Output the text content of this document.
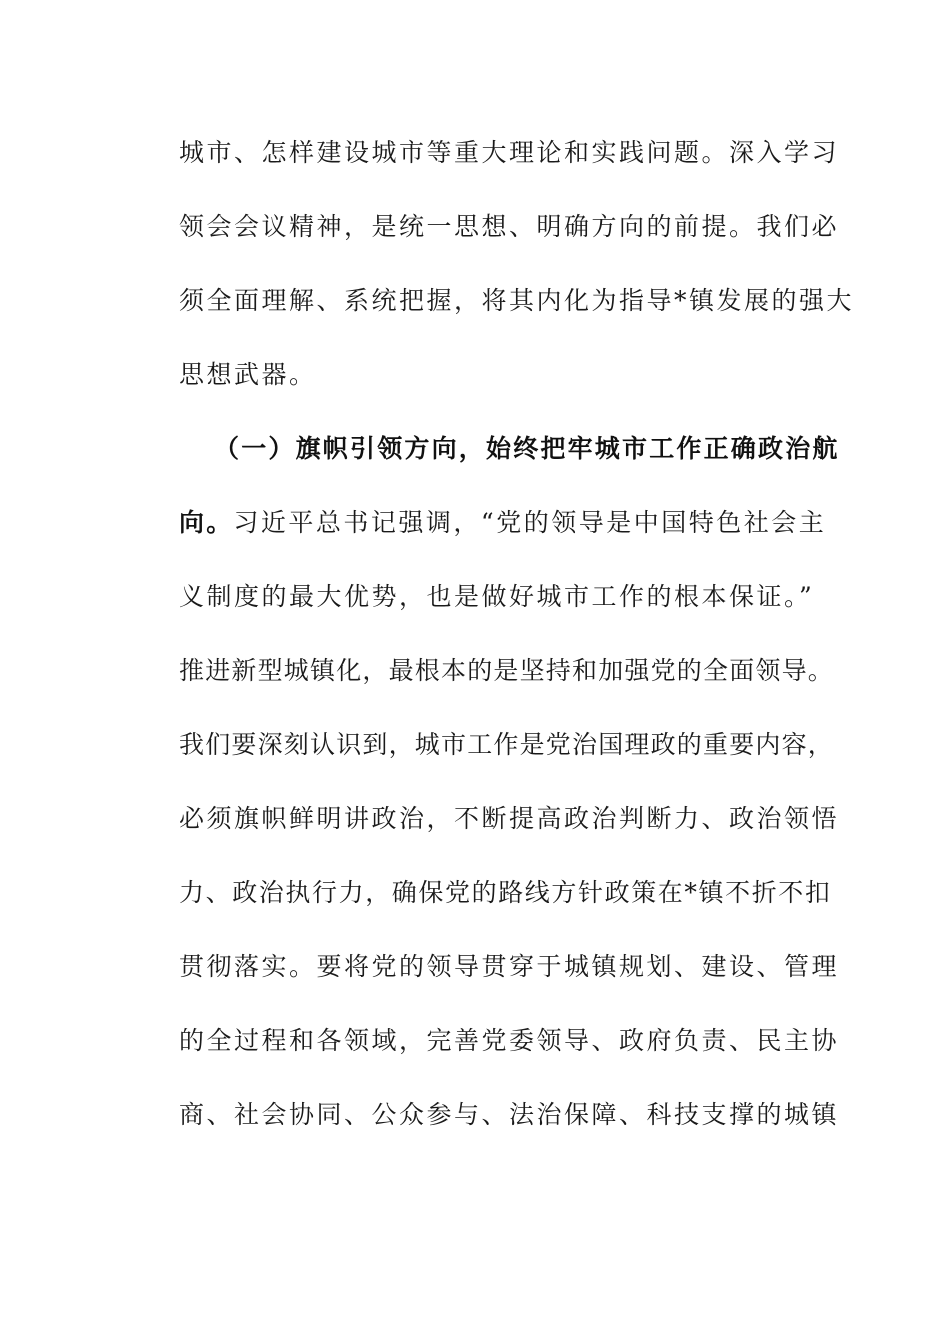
城市、怎样建设城市等重大理论和实践问题。深入学习
领会会议精神，是统一思想、明确方向的前提。我们必
须全面理解、系统把握，将其内化为指导*镇发展的强大
思想武器。
（一）旗帜引领方向，始终把牢城市工作正确政治航
向。习近平总书记强调，“党的领导是中国特色社会主
义制度的最大优势，也是做好城市工作的根本保证。”
推进新型城镇化，最根本的是坚持和加强党的全面领导。
我们要深刻认识到，城市工作是党治国理政的重要内容，
必须旗帜鲜明讲政治，不断提高政治判断力、政治领悟
力、政治执行力，确保党的路线方针政策在*镇不折不扣
贯彻落实。要将党的领导贯穿于城镇规划、建设、管理
的全过程和各领域，完善党委领导、政府负责、民主协
商、社会协同、公众参与、法治保障、科技支撑的城镇
